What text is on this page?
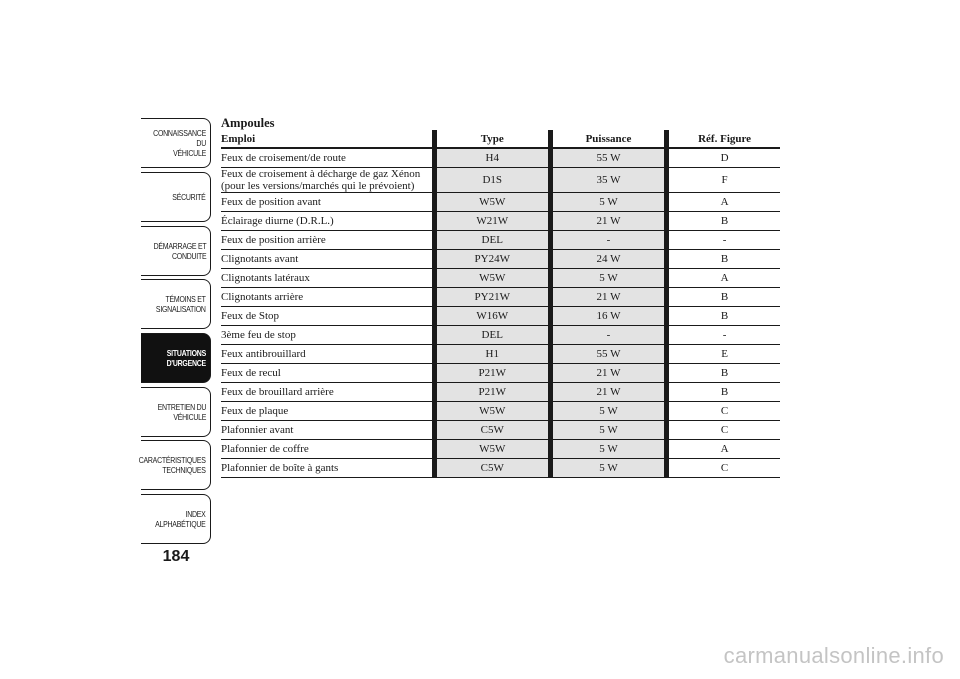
CONNAISSANCE DU
VÉHICULE
SÉCURITÉ
DÉMARRAGE ET
CONDUITE
TÉMOINS ET
SIGNALISATION
SITUATIONS
D'URGENCE
ENTRETIEN DU
VÉHICULE
CARACTÉRISTIQUES
TECHNIQUES
INDEX
ALPHABÉTIQUE
184
Ampoules
Emploi	Type	Puissance	Réf. Figure
Feux de croisement/de route	H4	55 W	D
Feux de croisement à décharge de gaz Xénon (pour les versions/marchés qui le prévoient)	D1S	35 W	F
Feux de position avant	W5W	5 W	A
Éclairage diurne (D.R.L.)	W21W	21 W	B
Feux de position arrière	DEL	-	-
Clignotants avant	PY24W	24 W	B
Clignotants latéraux	W5W	5 W	A
Clignotants arrière	PY21W	21 W	B
Feux de Stop	W16W	16 W	B
3ème feu de stop	DEL	-	-
Feux antibrouillard	H1	55 W	E
Feux de recul	P21W	21 W	B
Feux de brouillard arrière	P21W	21 W	B
Feux de plaque	W5W	5 W	C
Plafonnier avant	C5W	5 W	C
Plafonnier de coffre	W5W	5 W	A
Plafonnier de boîte à gants	C5W	5 W	C
carmanualsonline.info
